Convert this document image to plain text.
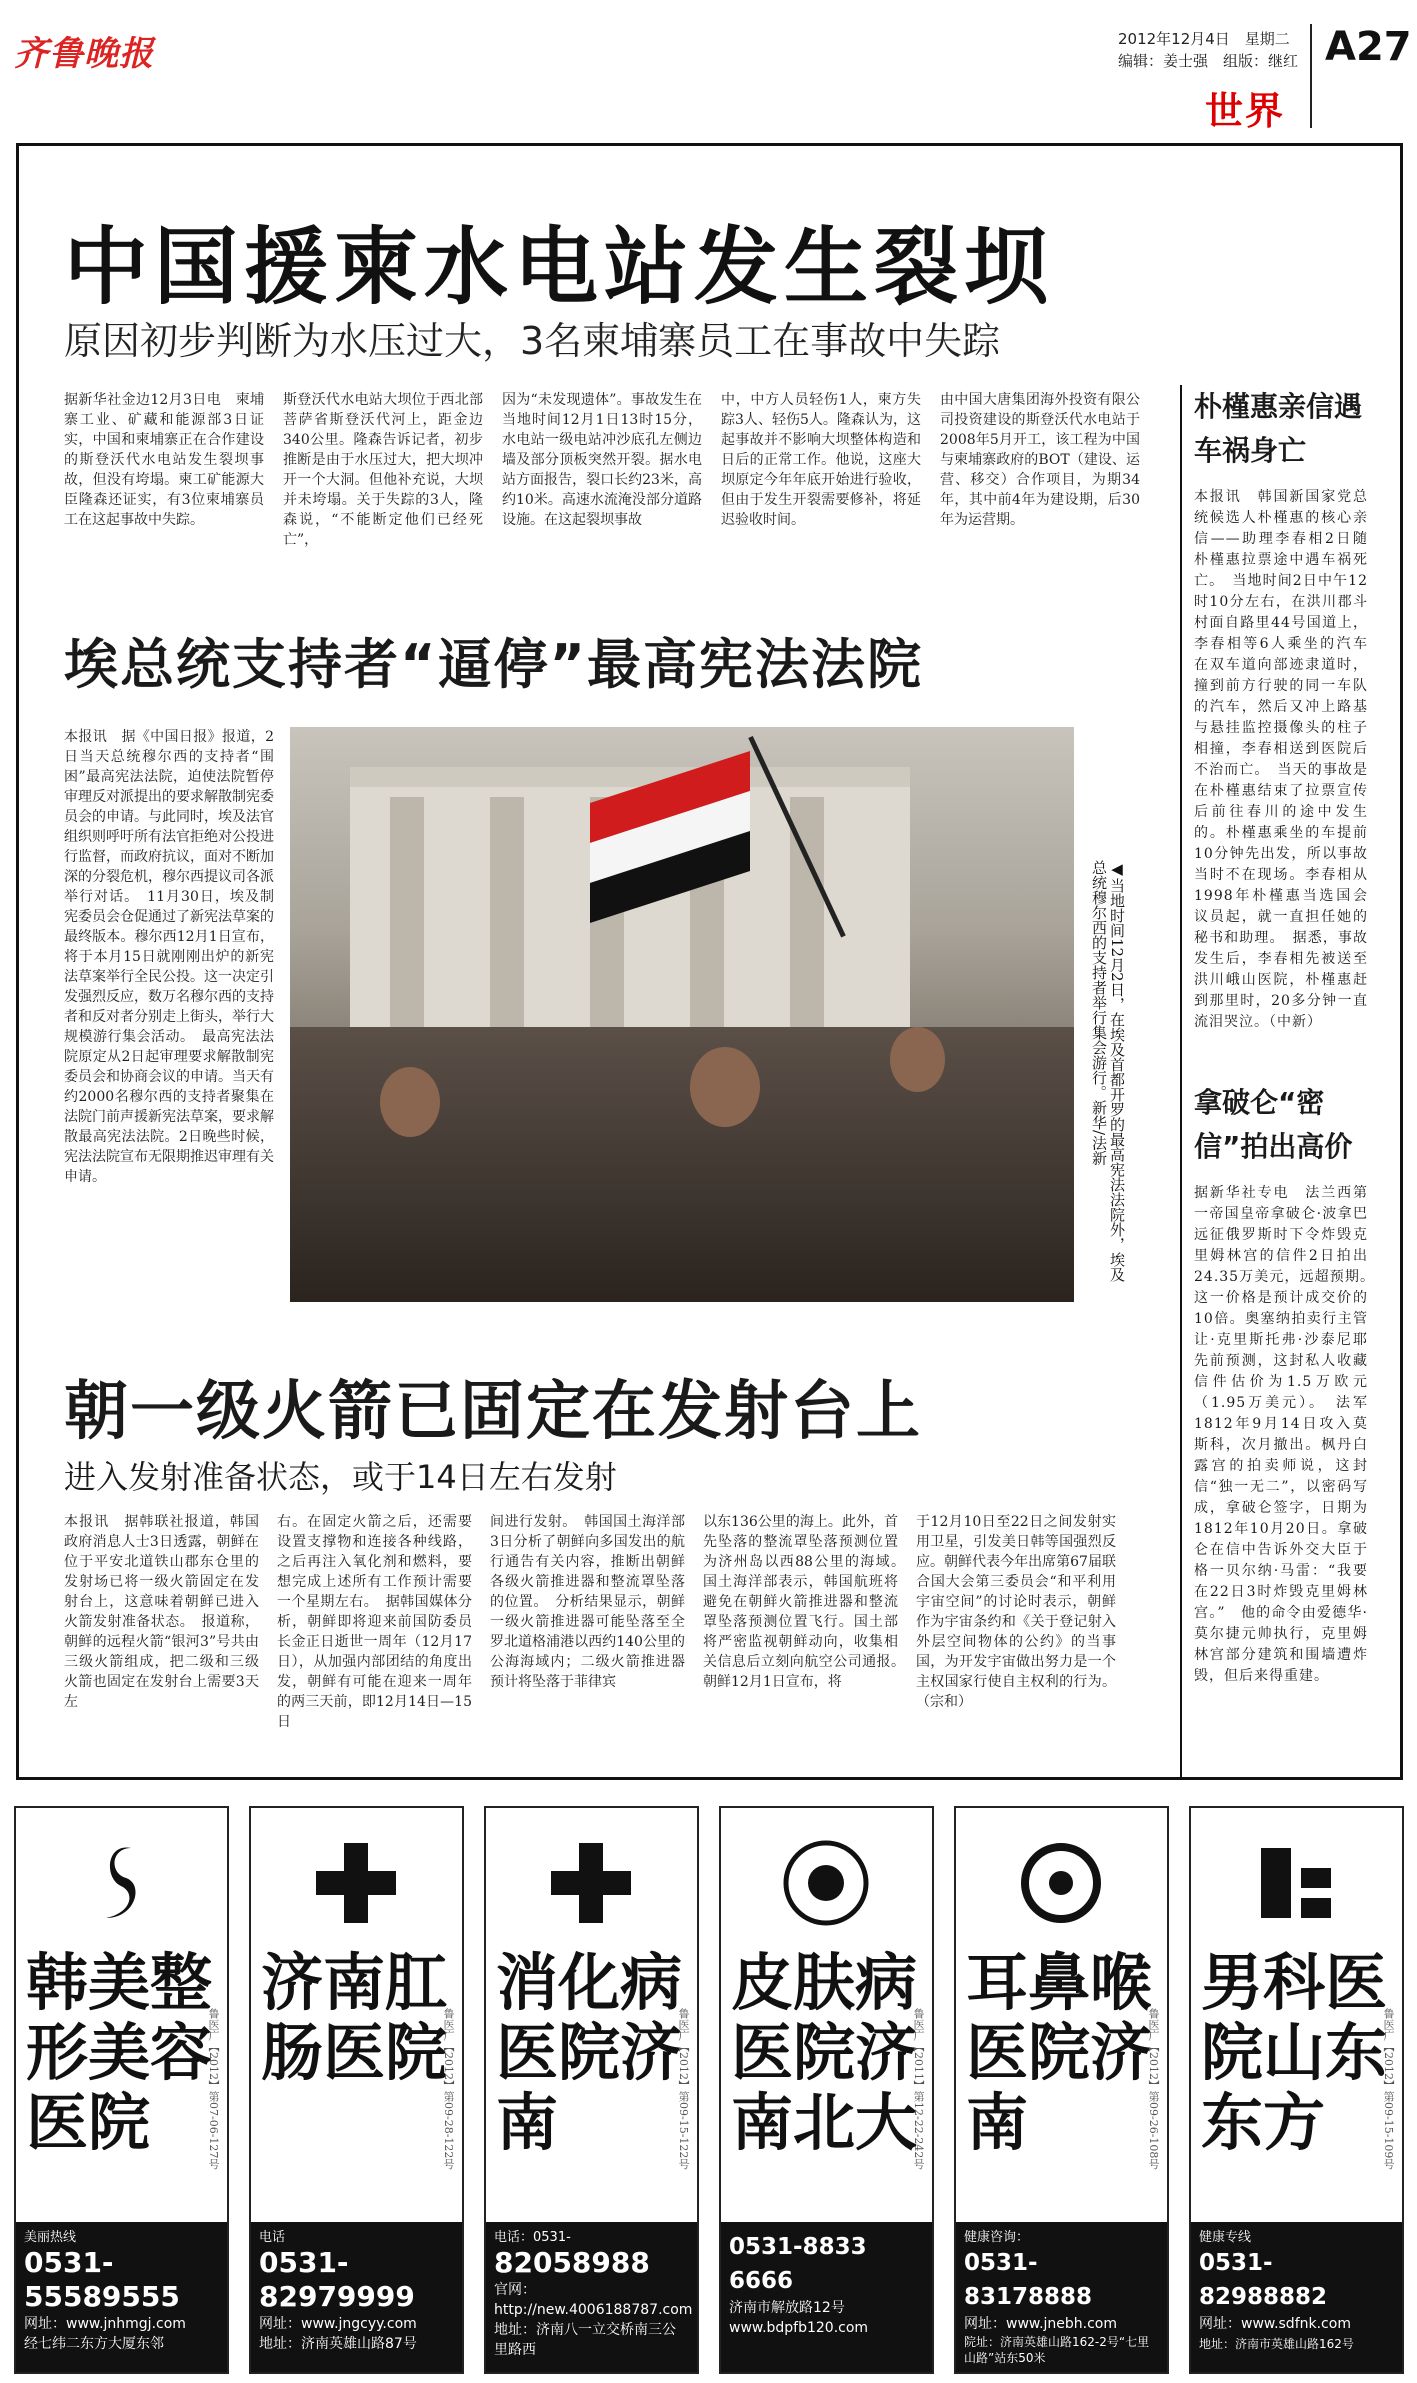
齐鲁晚报	2012年12月4日　星期二
编辑：姜士强　组版：继红 A27
世界
中国援柬水电站发生裂坝
原因初步判断为水压过大，3名柬埔寨员工在事故中失踪
据新华社金边12月3日电　柬埔寨工业、矿藏和能源部3日证实，中国和柬埔寨正在合作建设的斯登沃代水电站发生裂坝事故，但没有垮塌。柬工矿能源大臣隆森还证实，有3位柬埔寨员工在这起事故中失踪。
斯登沃代水电站大坝位于西北部菩萨省斯登沃代河上，距金边340公里。隆森告诉记者，初步推断是由于水压过大，把大坝冲开一个大洞。但他补充说，大坝并未垮塌。关于失踪的3人，隆森说，“不能断定他们已经死亡”，
因为“未发现遗体”。事故发生在当地时间12月1日13时15分，水电站一级电站冲沙底孔左侧边墙及部分顶板突然开裂。据水电站方面报告，裂口长约23米，高约10米。高速水流淹没部分道路设施。在这起裂坝事故
中，中方人员轻伤1人，柬方失踪3人、轻伤5人。隆森认为，这起事故并不影响大坝整体构造和日后的正常工作。他说，这座大坝原定今年年底开始进行验收，但由于发生开裂需要修补，将延迟验收时间。
由中国大唐集团海外投资有限公司投资建设的斯登沃代水电站于2008年5月开工，该工程为中国与柬埔寨政府的BOT（建设、运营、移交）合作项目，为期34年，其中前4年为建设期，后30年为运营期。
埃总统支持者“逼停”最高宪法法院
本报讯　据《中国日报》报道，2日当天总统穆尔西的支持者“围困”最高宪法法院，迫使法院暂停审理反对派提出的要求解散制宪委员会的申请。与此同时，埃及法官组织则呼吁所有法官拒绝对公投进行监督，而政府抗议，面对不断加深的分裂危机，穆尔西提议司各派举行对话。　11月30日，埃及制宪委员会仓促通过了新宪法草案的最终版本。穆尔西12月1日宣布，将于本月15日就刚刚出炉的新宪法草案举行全民公投。这一决定引发强烈反应，数万名穆尔西的支持者和反对者分别走上街头，举行大规模游行集会活动。　最高宪法法院原定从2日起审理要求解散制宪委员会和协商会议的申请。当天有约2000名穆尔西的支持者聚集在法院门前声援新宪法草案，要求解散最高宪法法院。2日晚些时候，宪法法院宣布无限期推迟审理有关申请。	◀当地时间12月2日，在埃及首都开罗的最高宪法法院外，埃及总统穆尔西的支持者举行集会游行。新华/法新
朝一级火箭已固定在发射台上
进入发射准备状态，或于14日左右发射
本报讯　据韩联社报道，韩国政府消息人士3日透露，朝鲜在位于平安北道铁山郡东仓里的发射场已将一级火箭固定在发射台上，这意味着朝鲜已进入火箭发射准备状态。　报道称，朝鲜的远程火箭“银河3”号共由三级火箭组成，把二级和三级火箭也固定在发射台上需要3天左
右。在固定火箭之后，还需要设置支撑物和连接各种线路，之后再注入氧化剂和燃料，要想完成上述所有工作预计需要一个星期左右。　据韩国媒体分析，朝鲜即将迎来前国防委员长金正日逝世一周年（12月17日），从加强内部团结的角度出发，朝鲜有可能在迎来一周年的两三天前，即12月14日—15日
间进行发射。　韩国国土海洋部3日分析了朝鲜向多国发出的航行通告有关内容，推断出朝鲜各级火箭推进器和整流罩坠落的位置。　分析结果显示，朝鲜一级火箭推进器可能坠落至全罗北道格浦港以西约140公里的公海海域内；二级火箭推进器预计将坠落于菲律宾
以东136公里的海上。此外，首先坠落的整流罩坠落预测位置为济州岛以西88公里的海域。　国土海洋部表示，韩国航班将避免在朝鲜火箭推进器和整流罩坠落预测位置飞行。国土部将严密监视朝鲜动向，收集相关信息后立刻向航空公司通报。　朝鲜12月1日宣布，将
于12月10日至22日之间发射实用卫星，引发美日韩等国强烈反应。朝鲜代表今年出席第67届联合国大会第三委员会“和平利用宇宙空间”的讨论时表示，朝鲜作为宇宙条约和《关于登记射入外层空间物体的公约》的当事国，为开发宇宙做出努力是一个主权国家行使自主权利的行为。（宗和）
朴槿惠亲信遇车祸身亡
本报讯　韩国新国家党总统候选人朴槿惠的核心亲信——助理李春相2日随朴槿惠拉票途中遇车祸死亡。　当地时间2日中午12时10分左右，在洪川郡斗村面自路里44号国道上，李春相等6人乘坐的汽车在双车道向部迹隶道时，撞到前方行驶的同一车队的汽车，然后又冲上路基与悬挂监控摄像头的柱子相撞，李春相送到医院后不治而亡。　当天的事故是在朴槿惠结束了拉票宣传后前往春川的途中发生的。朴槿惠乘坐的车提前10分钟先出发，所以事故当时不在现场。李春相从1998年朴槿惠当选国会议员起，就一直担任她的秘书和助理。　据悉，事故发生后，李春相先被送至洪川峨山医院，朴槿惠赶到那里时，20多分钟一直流泪哭泣。（中新）
拿破仑“密信”拍出高价
据新华社专电　法兰西第一帝国皇帝拿破仑·波拿巴远征俄罗斯时下令炸毁克里姆林宫的信件2日拍出24.35万美元，远超预期。　这一价格是预计成交价的10倍。奥塞纳拍卖行主管让·克里斯托弗·沙泰尼耶先前预测，这封私人收藏信件估价为1.5万欧元（1.95万美元）。　法军1812年9月14日攻入莫斯科，次月撤出。枫丹白露宫的拍卖师说，这封信“独一无二”，以密码写成，拿破仑签字，日期为1812年10月20日。拿破仑在信中告诉外交大臣于格一贝尔纳·马雷：“我要在22日3时炸毁克里姆林宫。”　他的命令由爱德华·莫尔捷元帅执行，克里姆林宫部分建筑和围墙遭炸毁，但后来得重建。
韩美整形美容医院	鲁医广【2012】第07-06-127号
美丽热线
0531-55589555
网址：www.jnhmgj.com
经七纬二东方大厦东邻
济南肛肠医院
鲁医广【2012】第09-28-122号
电话
0531-82979999
网址：www.jngcyy.com
地址：济南英雄山路87号
消化病医院济南	鲁医广【2012】第09-15-122号
电话：0531-
82058988
官网：http://new.4006188787.com
地址：济南八一立交桥南三公里路西
皮肤病医院济南北大
鲁医广【2011】第12-22-242号
0531-8833 6666
济南市解放路12号
www.bdpfb120.com
耳鼻喉医院济南	鲁医广【2012】第09-26-108号
健康咨询：
0531-83178888
网址：www.jnebh.com
院址：济南英雄山路162-2号“七里山路”站东50米
男科医院山东东方	鲁医广【2012】第09-15-109号
健康专线
0531-82988882
网址：www.sdfnk.com
地址：济南市英雄山路162号
